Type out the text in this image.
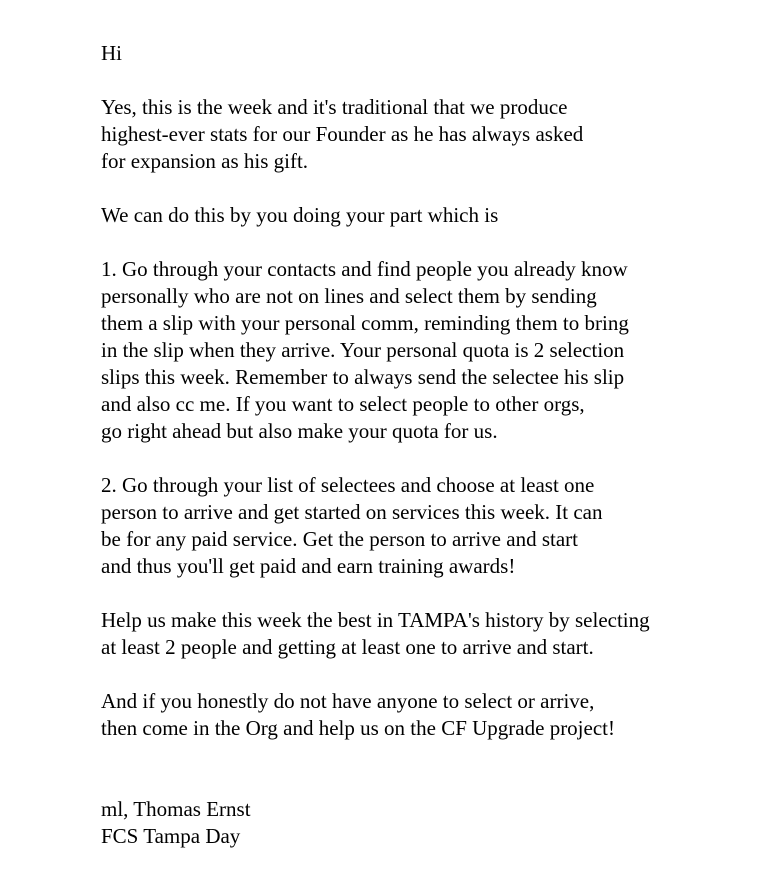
Hi
Yes, this is the week and it's traditional that we produce
highest-ever stats for our Founder as he has always asked
for expansion as his gift.
We can do this by you doing your part which is
1. Go through your contacts and find people you already know
personally who are not on lines and select them by sending
them a slip with your personal comm, reminding them to bring
in the slip when they arrive. Your personal quota is 2 selection
slips this week. Remember to always send the selectee his slip
and also cc me. If you want to select people to other orgs,
go right ahead but also make your quota for us.
2. Go through your list of selectees and choose at least one
person to arrive and get started on services this week. It can
be for any paid service. Get the person to arrive and start
and thus you'll get paid and earn training awards!
Help us make this week the best in TAMPA's history by selecting
at least 2 people and getting at least one to arrive and start.
And if you honestly do not have anyone to select or arrive,
then come in the Org and help us on the CF Upgrade project!
ml, Thomas Ernst
FCS Tampa Day
